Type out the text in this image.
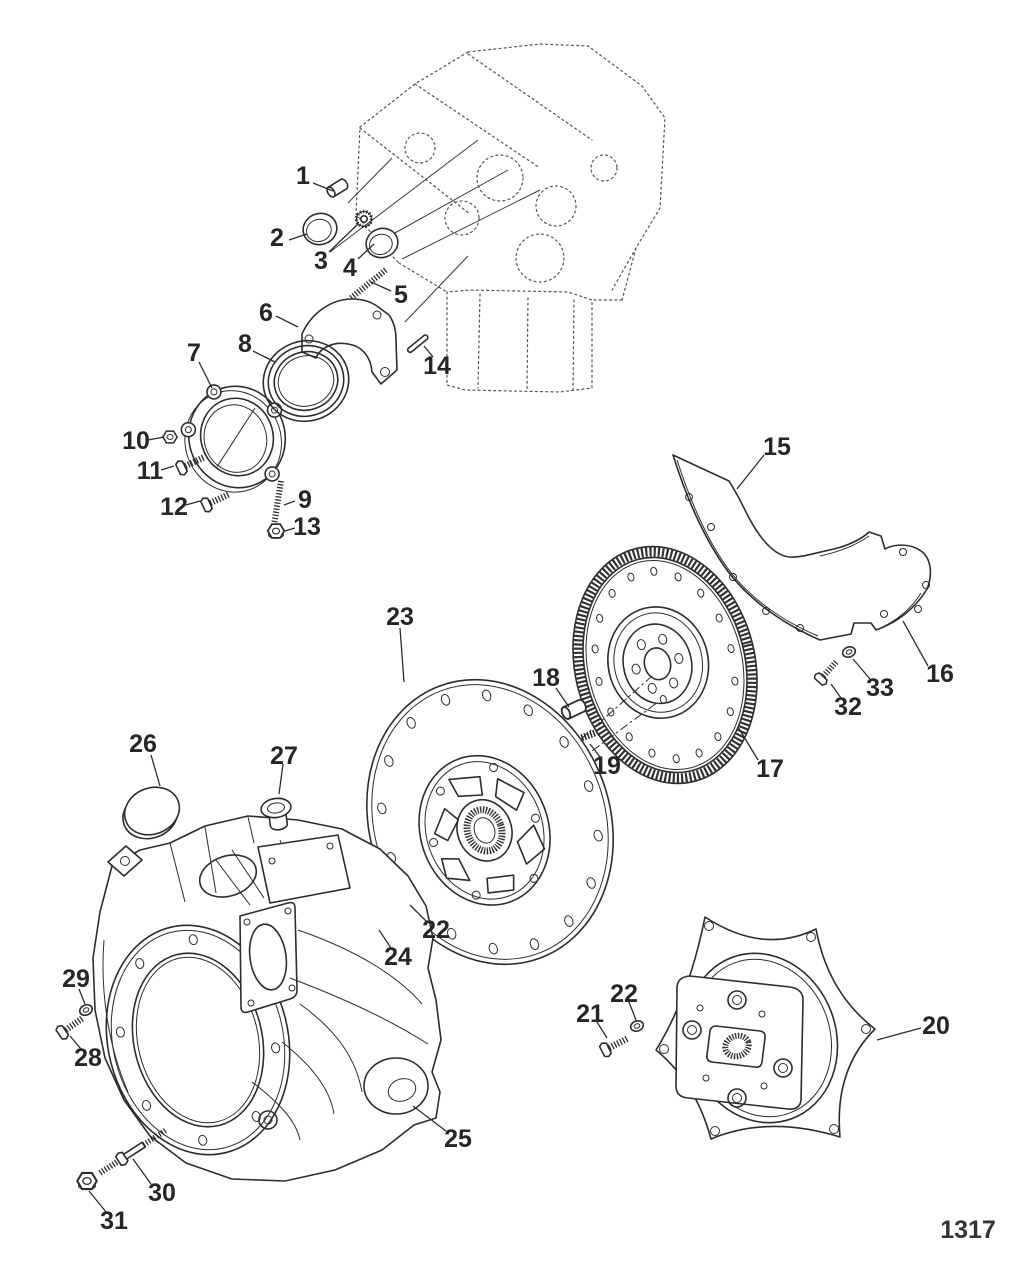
1
2
3 4
5
6
7 8
9
10
11
12
13
14
15
16
17
18
19
20
21
22
22
23
24
25
26	27
28
29
30
31
32
33
1317
